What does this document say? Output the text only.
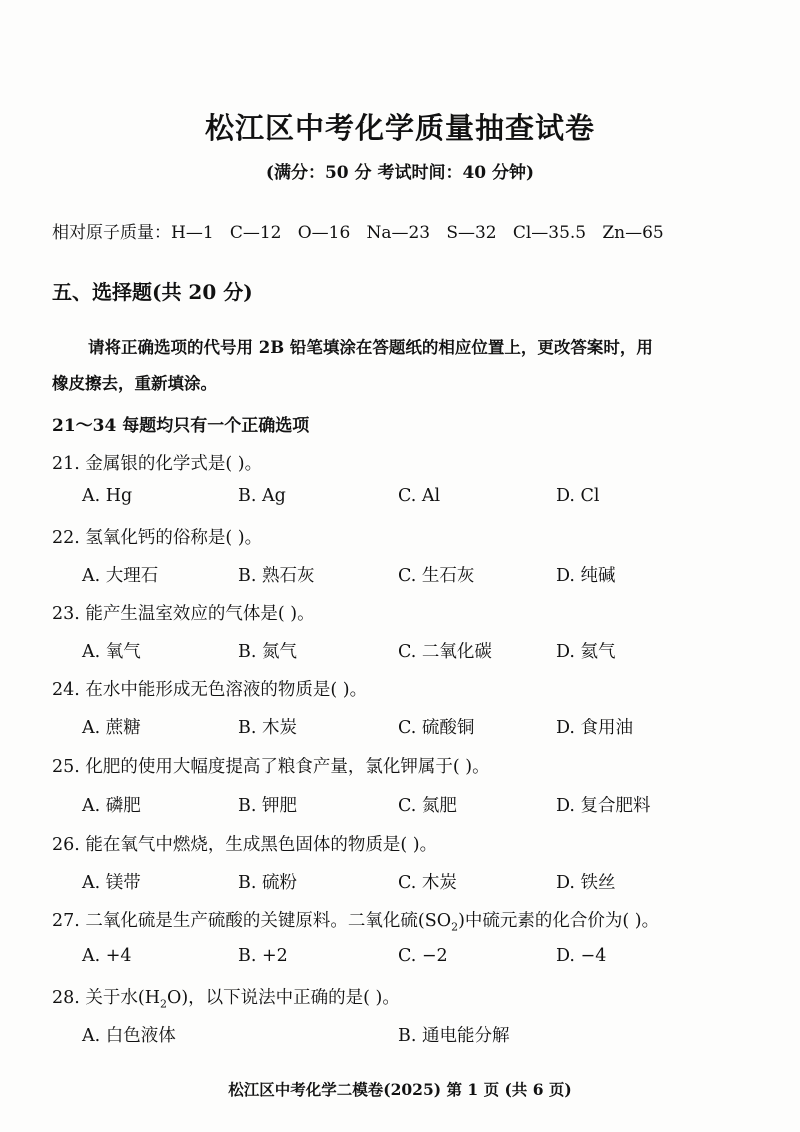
松江区中考化学质量抽查试卷
(满分：50 分 考试时间：40 分钟)
相对原子质量：H—1   C—12   O—16   Na—23   S—32   Cl—35.5   Zn—65
五、选择题(共 20 分)
请将正确选项的代号用 2B 铅笔填涂在答题纸的相应位置上，更改答案时，用
橡皮擦去，重新填涂。
21～34 每题均只有一个正确选项
21. 金属银的化学式是( )。
A. Hg	B. Ag	C. Al	D. Cl
22. 氢氧化钙的俗称是( )。
A. 大理石	B. 熟石灰	C. 生石灰	D. 纯碱
23. 能产生温室效应的气体是( )。
A. 氧气	B. 氮气	C. 二氧化碳	D. 氦气
24. 在水中能形成无色溶液的物质是( )。
A. 蔗糖	B. 木炭	C. 硫酸铜	D. 食用油
25. 化肥的使用大幅度提高了粮食产量，氯化钾属于( )。
A. 磷肥	B. 钾肥	C. 氮肥	D. 复合肥料
26. 能在氧气中燃烧，生成黑色固体的物质是( )。
A. 镁带	B. 硫粉	C. 木炭	D. 铁丝
27. 二氧化硫是生产硫酸的关键原料。二氧化硫$(SO_2)$中硫元素的化合价为( )。
A. +4	B. +2	C. −2	D. −4
28. 关于水$(H_2O)$，以下说法中正确的是( )。
A. 白色液体	B. 通电能分解
松江区中考化学二模卷(2025) 第 1 页 (共 6 页)
